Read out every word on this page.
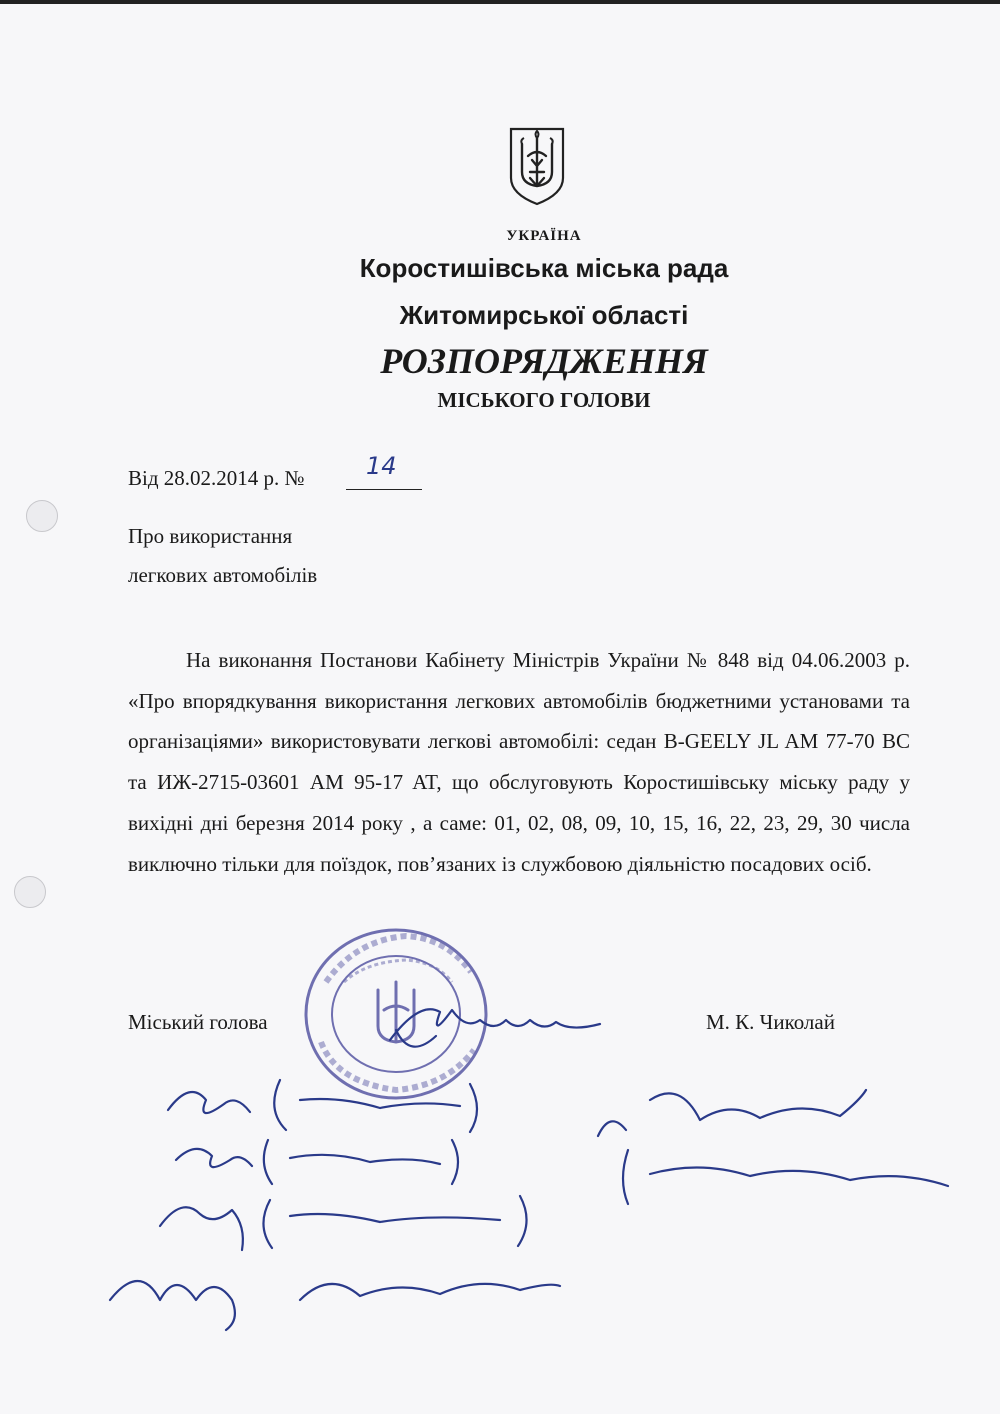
УКРАЇНА
Коростишівська міська рада
Житомирської області
РОЗПОРЯДЖЕННЯ
МІСЬКОГО ГОЛОВИ
Від 28.02.2014 р. №	14
Про використання
легкових автомобілів

На виконання Постанови Кабінету Міністрів України № 848 від 04.06.2003 р. «Про впорядкування використання легкових автомобілів бюджетними установами та організаціями» використовувати легкові автомобілі: седан B-GEELY JL AM 77-70 BC та ИЖ-2715-03601 AM 95-17 AT, що обслуговують Коростишівську міську раду у вихідні дні березня 2014 року , а саме: 01, 02, 08, 09, 10, 15, 16, 22, 23, 29, 30 числа виключно тільки для поїздок, пов’язаних із службовою діяльністю посадових осіб.

Міський голова	М. К. Чиколай
